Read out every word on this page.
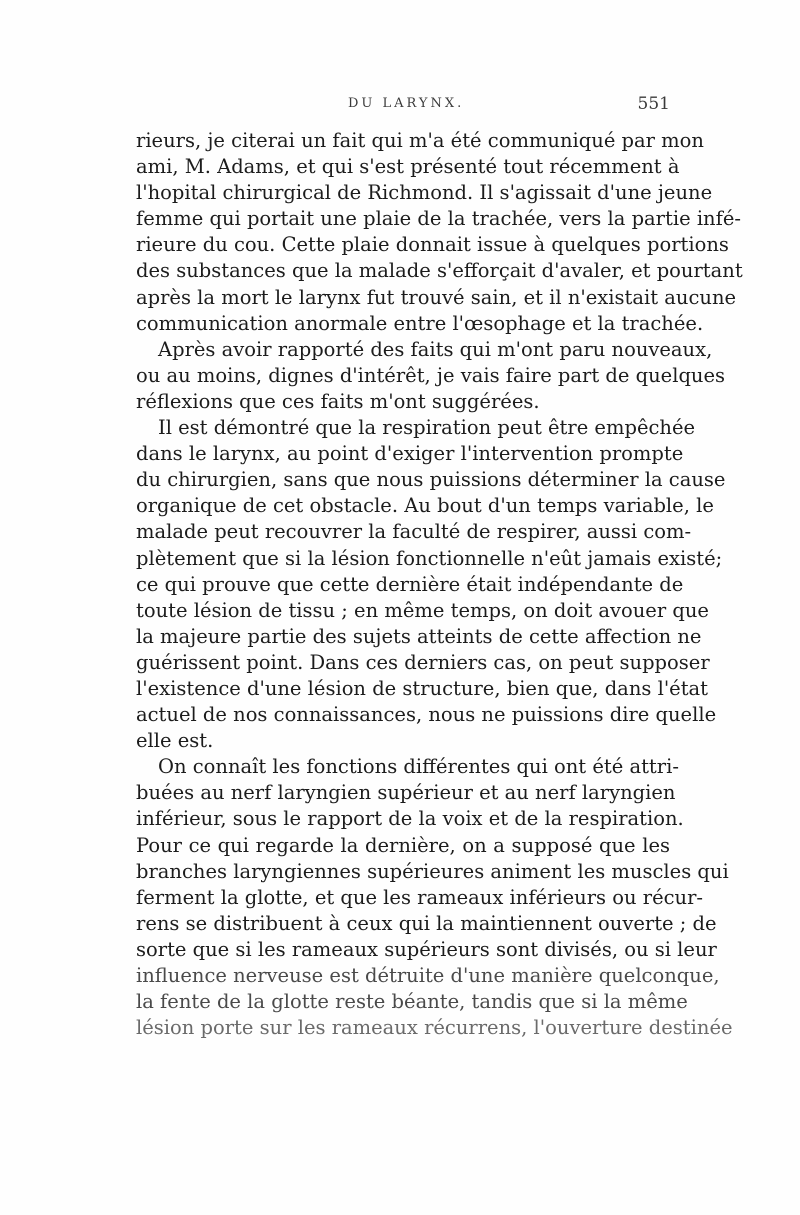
DU LARYNX.	551
rieurs, je citerai un fait qui m'a été communiqué par mon
ami, M. Adams, et qui s'est présenté tout récemment à
l'hopital chirurgical de Richmond. Il s'agissait d'une jeune
femme qui portait une plaie de la trachée, vers la partie infé-
rieure du cou. Cette plaie donnait issue à quelques portions
des substances que la malade s'efforçait d'avaler, et pourtant
après la mort le larynx fut trouvé sain, et il n'existait aucune
communication anormale entre l'œsophage et la trachée.
Après avoir rapporté des faits qui m'ont paru nouveaux,
ou au moins, dignes d'intérêt, je vais faire part de quelques
réflexions que ces faits m'ont suggérées.
Il est démontré que la respiration peut être empêchée
dans le larynx, au point d'exiger l'intervention prompte
du chirurgien, sans que nous puissions déterminer la cause
organique de cet obstacle. Au bout d'un temps variable, le
malade peut recouvrer la faculté de respirer, aussi com-
plètement que si la lésion fonctionnelle n'eût jamais existé;
ce qui prouve que cette dernière était indépendante de
toute lésion de tissu ; en même temps, on doit avouer que
la majeure partie des sujets atteints de cette affection ne
guérissent point. Dans ces derniers cas, on peut supposer
l'existence d'une lésion de structure, bien que, dans l'état
actuel de nos connaissances, nous ne puissions dire quelle
elle est.
On connaît les fonctions différentes qui ont été attri-
buées au nerf laryngien supérieur et au nerf laryngien
inférieur, sous le rapport de la voix et de la respiration.
Pour ce qui regarde la dernière, on a supposé que les
branches laryngiennes supérieures animent les muscles qui
ferment la glotte, et que les rameaux inférieurs ou récur-
rens se distribuent à ceux qui la maintiennent ouverte ; de
sorte que si les rameaux supérieurs sont divisés, ou si leur
influence nerveuse est détruite d'une manière quelconque,
la fente de la glotte reste béante, tandis que si la même
lésion porte sur les rameaux récurrens, l'ouverture destinée
